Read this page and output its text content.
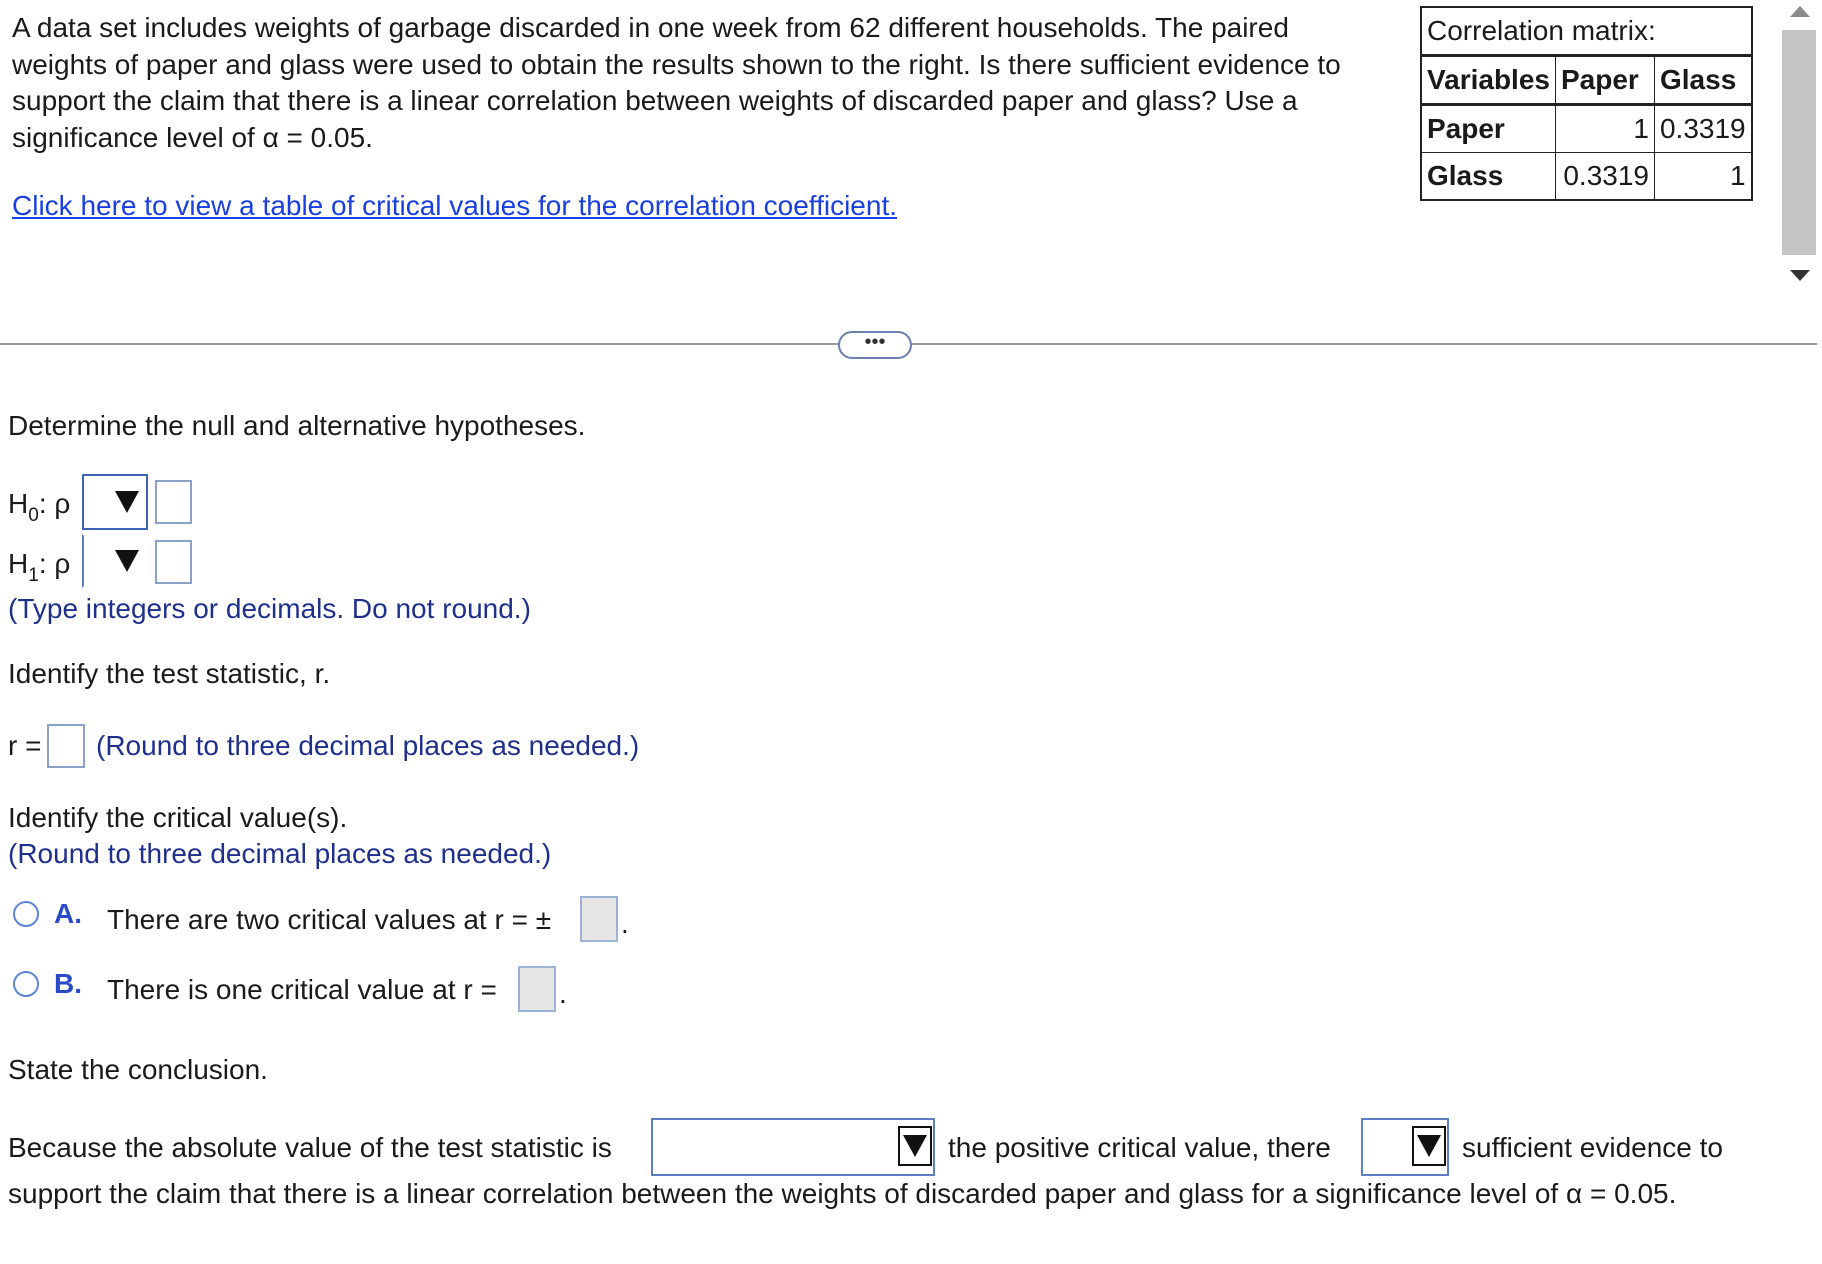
A data set includes weights of garbage discarded in one week from 62 different households. The paired
weights of paper and glass were used to obtain the results shown to the right. Is there sufficient evidence to
support the claim that there is a linear correlation between weights of discarded paper and glass? Use a
significance level of α = 0.05.
Click here to view a table of critical values for the correlation coefficient.
Correlation matrix:		
Variables	Paper	Glass
Paper	1	0.3319
Glass	0.3319	1
•••
Determine the null and alternative hypotheses.
$H_0$: ρ
$H_1$: ρ
(Type integers or decimals. Do not round.)
Identify the test statistic, r.
r = (Round to three decimal places as needed.)
Identify the critical value(s).
(Round to three decimal places as needed.)
A. There are two critical values at r = ± .
B. There is one critical value at r = .
State the conclusion.
Because the absolute value of the test statistic is	the positive critical value, there	sufficient evidence to
support the claim that there is a linear correlation between the weights of discarded paper and glass for a significance level of α = 0.05.
